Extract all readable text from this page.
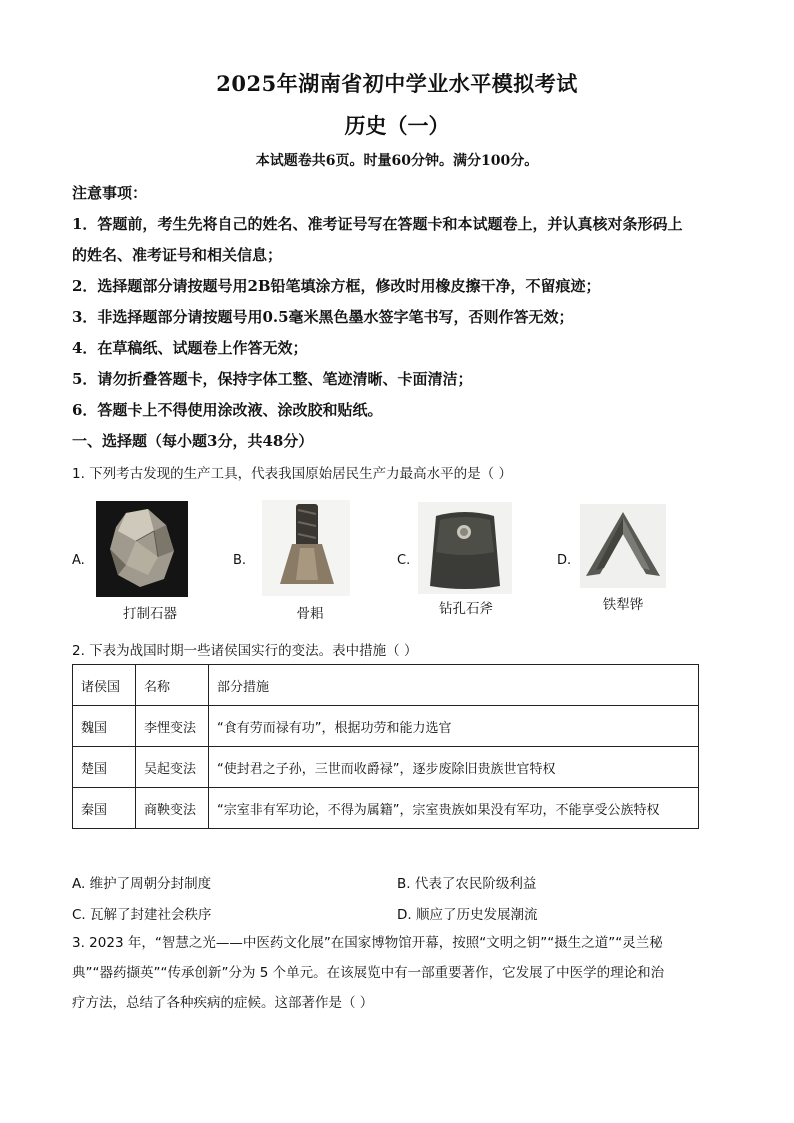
2025年湖南省初中学业水平模拟考试
历史（一）
本试题卷共6页。时量60分钟。满分100分。
注意事项：
1．答题前，考生先将自己的姓名、准考证号写在答题卡和本试题卷上，并认真核对条形码上
的姓名、准考证号和相关信息；
2．选择题部分请按题号用2B铅笔填涂方框，修改时用橡皮擦干净，不留痕迹；
3．非选择题部分请按题号用0.5毫米黑色墨水签字笔书写，否则作答无效；
4．在草稿纸、试题卷上作答无效；
5．请勿折叠答题卡，保持字体工整、笔迹清晰、卡面清洁；
6．答题卡上不得使用涂改液、涂改胶和贴纸。
一、选择题（每小题3分，共48分）
1. 下列考古发现的生产工具，代表我国原始居民生产力最高水平的是（ ）
A.
打制石器
B.
骨耜
C.
钻孔石斧
D.
铁犁铧
2. 下表为战国时期一些诸侯国实行的变法。表中措施（ ）
诸侯国	名称	部分措施
魏国	李悝变法	“食有劳而禄有功”，根据功劳和能力选官
楚国	吴起变法	“使封君之子孙，三世而收爵禄”，逐步废除旧贵族世官特权
秦国	商鞅变法	“宗室非有军功论，不得为属籍”，宗室贵族如果没有军功，不能享受公族特权
A. 维护了周朝分封制度	B. 代表了农民阶级利益
C. 瓦解了封建社会秩序	D. 顺应了历史发展潮流
3. 2023 年，“智慧之光——中医药文化展”在国家博物馆开幕，按照“文明之钥”“摄生之道”“灵兰秘
典”“器药撷英”“传承创新”分为 5 个单元。在该展览中有一部重要著作，它发展了中医学的理论和治
疗方法，总结了各种疾病的症候。这部著作是（ ）
